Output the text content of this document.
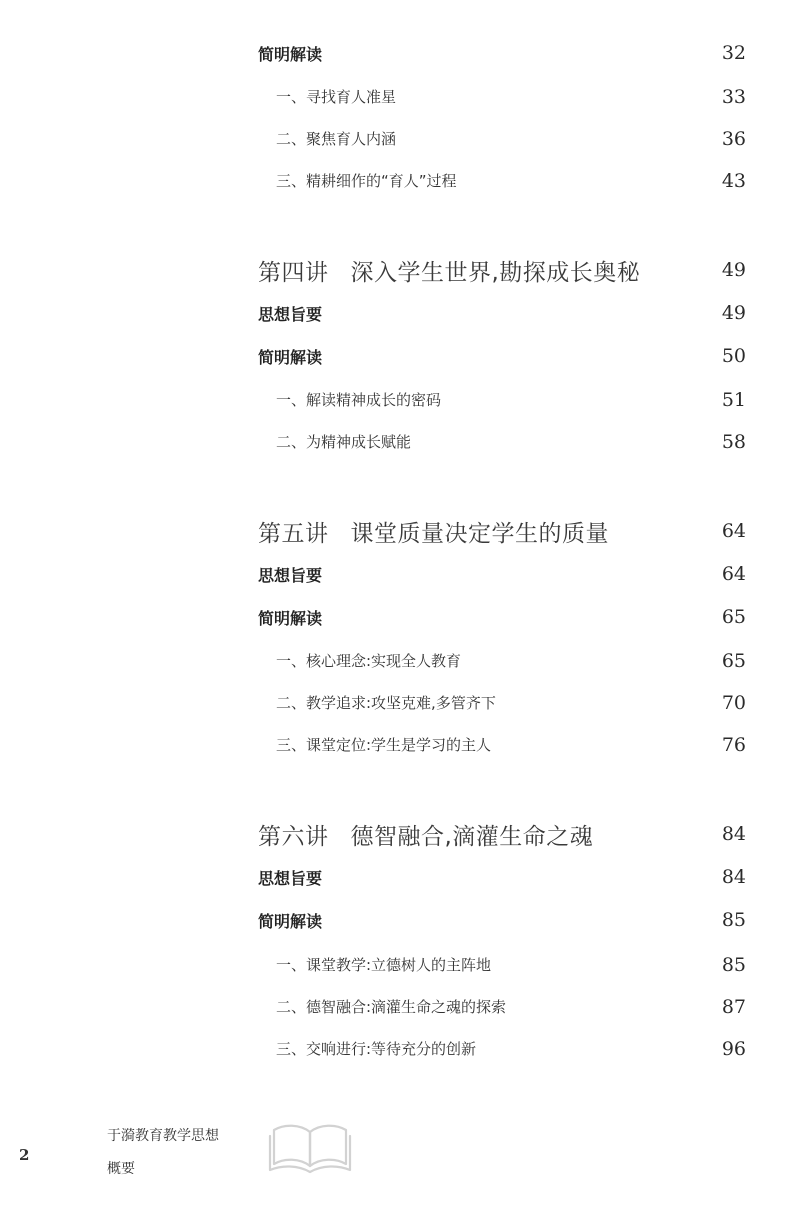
简明解读	32
一、寻找育人准星	33
二、聚焦育人内涵	36
三、精耕细作的“育人”过程	43
第四讲 深入学生世界,勘探成长奥秘	49
思想旨要	49
简明解读	50
一、解读精神成长的密码	51
二、为精神成长赋能	58
第五讲 课堂质量决定学生的质量	64
思想旨要	64
简明解读	65
一、核心理念:实现全人教育	65
二、教学追求:攻坚克难,多管齐下	70
三、课堂定位:学生是学习的主人	76
第六讲 德智融合,滴灌生命之魂	84
思想旨要	84
简明解读	85
一、课堂教学:立德树人的主阵地	85
二、德智融合:滴灌生命之魂的探索	87
三、交响进行:等待充分的创新	96
2
于漪教育教学思想
概要
